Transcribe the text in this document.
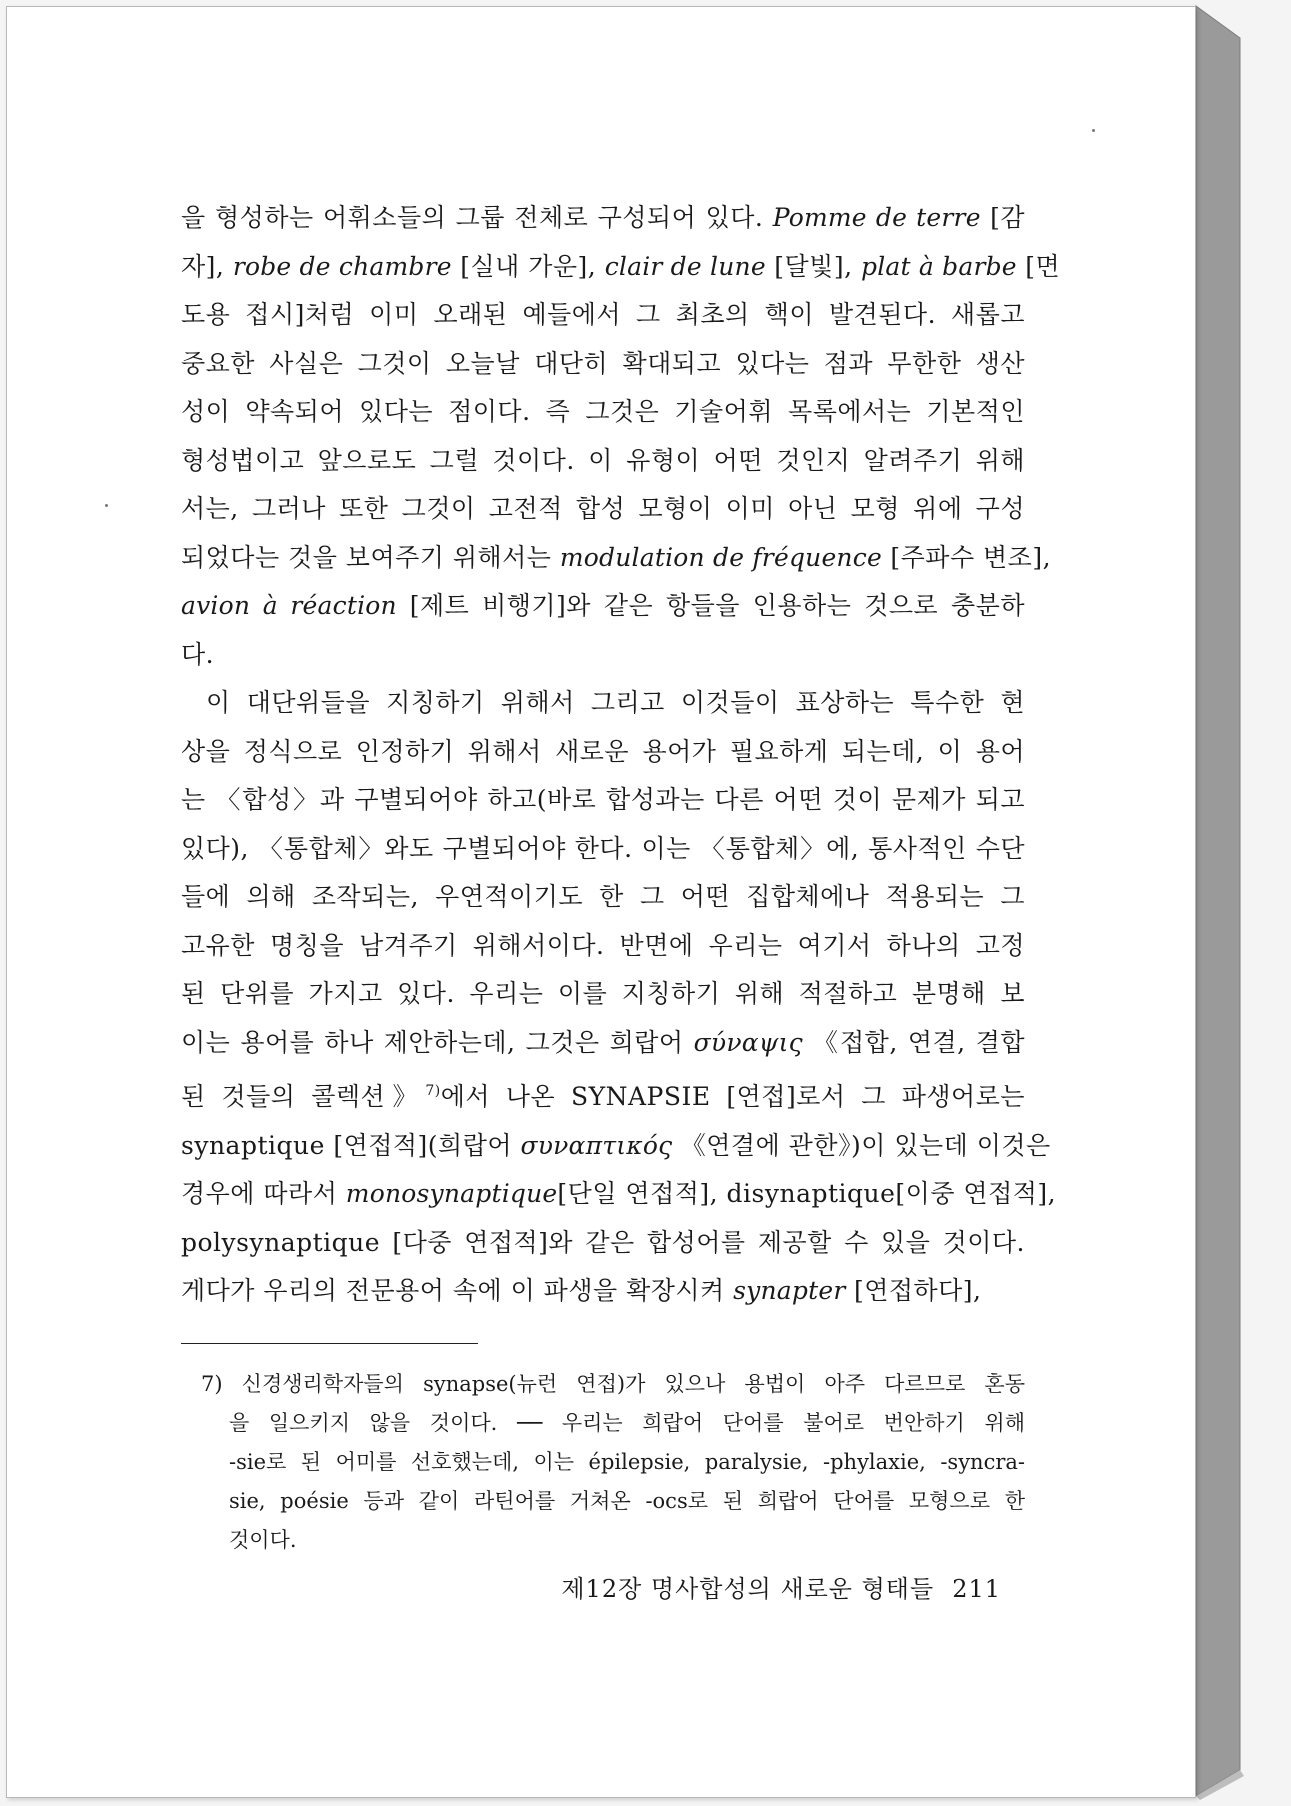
을 형성하는 어휘소들의 그룹 전체로 구성되어 있다. Pomme de terre [감
자], robe de chambre [실내 가운], clair de lune [달빛], plat à barbe [면
도용 접시]처럼 이미 오래된 예들에서 그 최초의 핵이 발견된다. 새롭고
중요한 사실은 그것이 오늘날 대단히 확대되고 있다는 점과 무한한 생산
성이 약속되어 있다는 점이다. 즉 그것은 기술어휘 목록에서는 기본적인
형성법이고 앞으로도 그럴 것이다. 이 유형이 어떤 것인지 알려주기 위해
서는, 그러나 또한 그것이 고전적 합성 모형이 이미 아닌 모형 위에 구성
되었다는 것을 보여주기 위해서는 modulation de fréquence [주파수 변조],
avion à réaction [제트 비행기]와 같은 항들을 인용하는 것으로 충분하
다.
이 대단위들을 지칭하기 위해서 그리고 이것들이 표상하는 특수한 현
상을 정식으로 인정하기 위해서 새로운 용어가 필요하게 되는데, 이 용어
는 〈합성〉과 구별되어야 하고(바로 합성과는 다른 어떤 것이 문제가 되고
있다), 〈통합체〉와도 구별되어야 한다. 이는 〈통합체〉에, 통사적인 수단
들에 의해 조작되는, 우연적이기도 한 그 어떤 집합체에나 적용되는 그
고유한 명칭을 남겨주기 위해서이다. 반면에 우리는 여기서 하나의 고정
된 단위를 가지고 있다. 우리는 이를 지칭하기 위해 적절하고 분명해 보
이는 용어를 하나 제안하는데, 그것은 희랍어 σύναψις 《접합, 연결, 결합
된 것들의 콜렉션》$^{7)}$에서 나온 SYNAPSIE [연접]로서 그 파생어로는
synaptique [연접적](희랍어 συναπτικός 《연결에 관한》)이 있는데 이것은
경우에 따라서 monosynaptique[단일 연접적], disynaptique[이중 연접적],
polysynaptique [다중 연접적]와 같은 합성어를 제공할 수 있을 것이다.
게다가 우리의 전문용어 속에 이 파생을 확장시켜 synapter [연접하다],
7) 신경생리학자들의 synapse(뉴런 연접)가 있으나 용법이 아주 다르므로 혼동
을 일으키지 않을 것이다. ── 우리는 희랍어 단어를 불어로 번안하기 위해
-sie로 된 어미를 선호했는데, 이는 épilepsie, paralysie, -phylaxie, -syncra-
sie, poésie 등과 같이 라틴어를 거쳐온 -ocs로 된 희랍어 단어를 모형으로 한
것이다.
제12장 명사합성의 새로운 형태들 211
